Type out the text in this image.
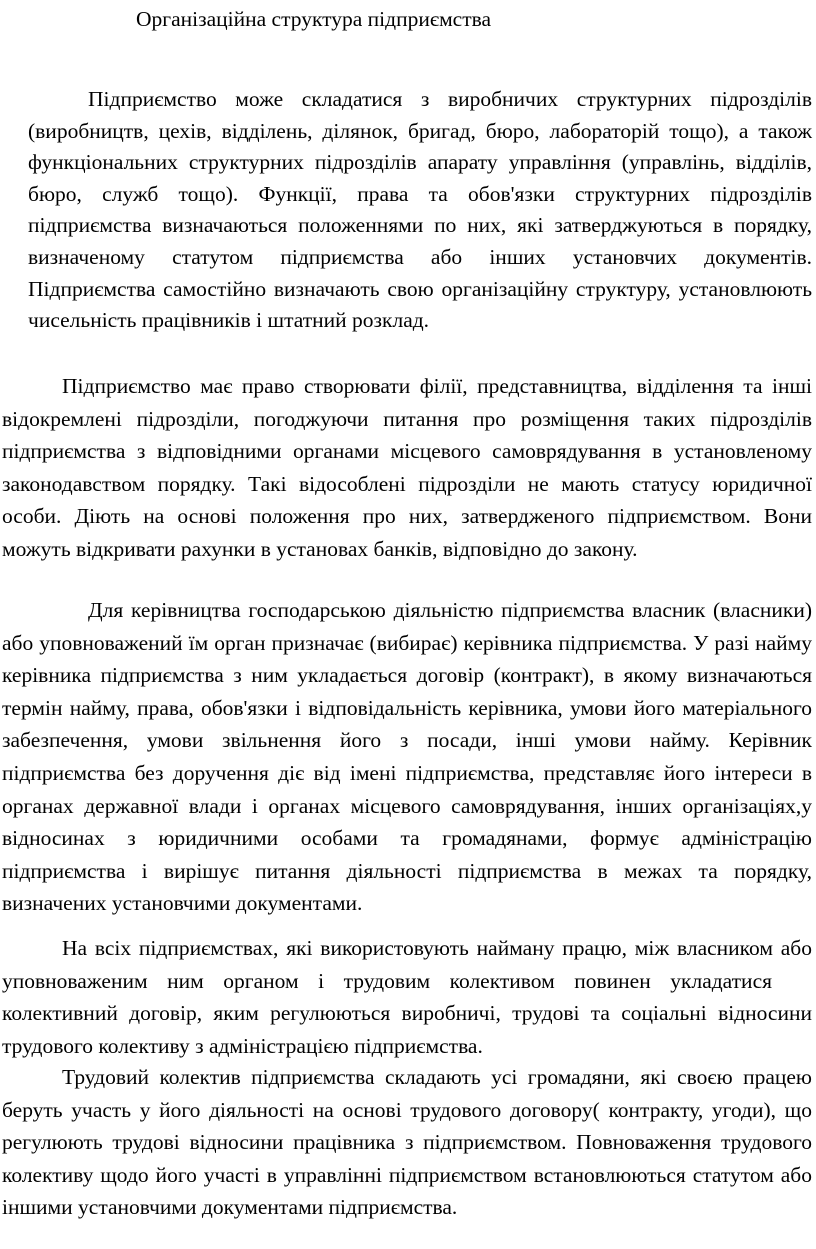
Організаційна структура підприємства

Підприємство може складатися з виробничих структурних підрозділів (виробництв, цехів, відділень, ділянок, бригад, бюро, лабораторій тощо), а також функціональних структурних підрозділів апарату управління (управлінь, відділів, бюро, служб тощо). Функції, права та обов'язки структурних підрозділів підприємства визначаються положеннями по них, які затверджуються в порядку, визначеному статутом підприємства або інших установчих документів. Підприємства самостійно визначають свою організаційну структуру, установлюють чисельність працівників і штатний розклад.

Підприємство має право створювати філії, представництва, відділення та інші відокремлені підрозділи, погоджуючи питання про розміщення таких підрозділів підприємства з відповідними органами місцевого самоврядування в установленому законодавством порядку. Такі відособлені підрозділи не мають статусу юридичної особи. Діють на основі положення про них, затвердженого підприємством. Вони можуть відкривати рахунки в установах банків, відповідно до закону.

Для керівництва господарською діяльністю підприємства власник (власники) або уповноважений їм орган призначає (вибирає) керівника підприємства. У разі найму керівника підприємства з ним укладається договір (контракт), в якому визначаються термін найму, права, обов'язки і відповідальність керівника, умови його матеріального забезпечення, умови звільнення його з посади, інші умови найму. Керівник підприємства без доручення діє від імені підприємства, представляє його інтереси в органах державної влади і органах місцевого самоврядування, інших організаціях,у відносинах з юридичними особами та громадянами, формує адміністрацію підприємства і вирішує питання діяльності підприємства в межах та порядку, визначених установчими документами.

На всіх підприємствах, які використовують найману працю, між власником або уповноваженим ним органом і трудовим колективом повинен укладатисяколективний договір, яким регулюються виробничі, трудові та соціальні відносини трудового колективу з адміністрацією підприємства.

Трудовий колектив підприємства складають усі громадяни, які своєю працею беруть участь у його діяльності на основі трудового договору( контракту, угоди), що регулюють трудові відносини працівника з підприємством. Повноваження трудового колективу щодо його участі в управлінні підприємством встановлюються статутом або іншими установчими документами підприємства.
